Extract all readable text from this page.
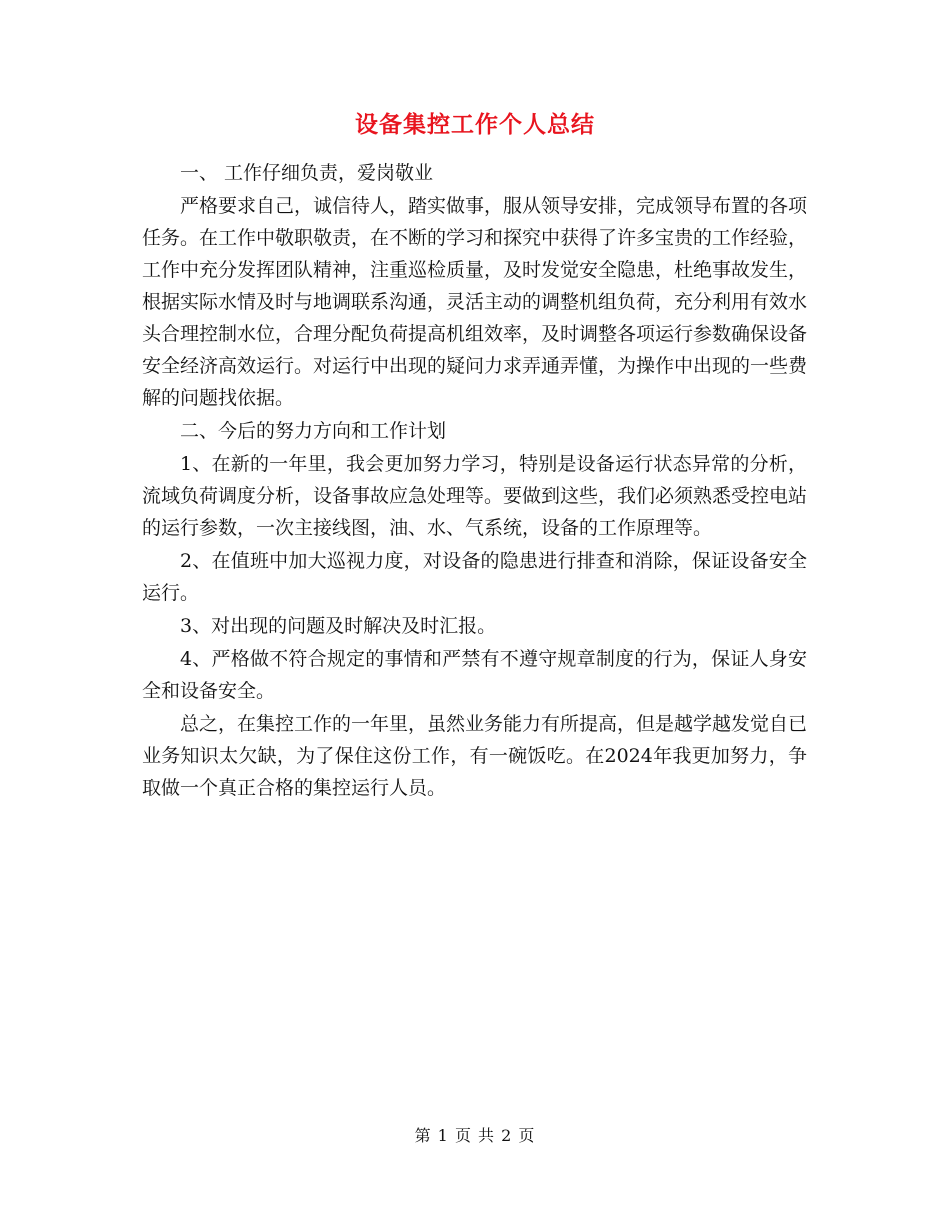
设备集控工作个人总结

一、 工作仔细负责，爱岗敬业

严格要求自己，诚信待人，踏实做事，服从领导安排，完成领导布置的各项任务。在工作中敬职敬责，在不断的学习和探究中获得了许多宝贵的工作经验，工作中充分发挥团队精神，注重巡检质量，及时发觉安全隐患，杜绝事故发生，根据实际水情及时与地调联系沟通，灵活主动的调整机组负荷，充分利用有效水头合理控制水位，合理分配负荷提高机组效率，及时调整各项运行参数确保设备安全经济高效运行。对运行中出现的疑问力求弄通弄懂，为操作中出现的一些费解的问题找依据。

二、今后的努力方向和工作计划

1、在新的一年里，我会更加努力学习，特别是设备运行状态异常的分析，流域负荷调度分析，设备事故应急处理等。要做到这些，我们必须熟悉受控电站的运行参数，一次主接线图，油、水、气系统，设备的工作原理等。

2、在值班中加大巡视力度，对设备的隐患进行排查和消除，保证设备安全运行。

3、对出现的问题及时解决及时汇报。

4、严格做不符合规定的事情和严禁有不遵守规章制度的行为，保证人身安全和设备安全。

总之，在集控工作的一年里，虽然业务能力有所提高，但是越学越发觉自已业务知识太欠缺，为了保住这份工作，有一碗饭吃。在2024年我更加努力，争取做一个真正合格的集控运行人员。

第 1 页 共 2 页
